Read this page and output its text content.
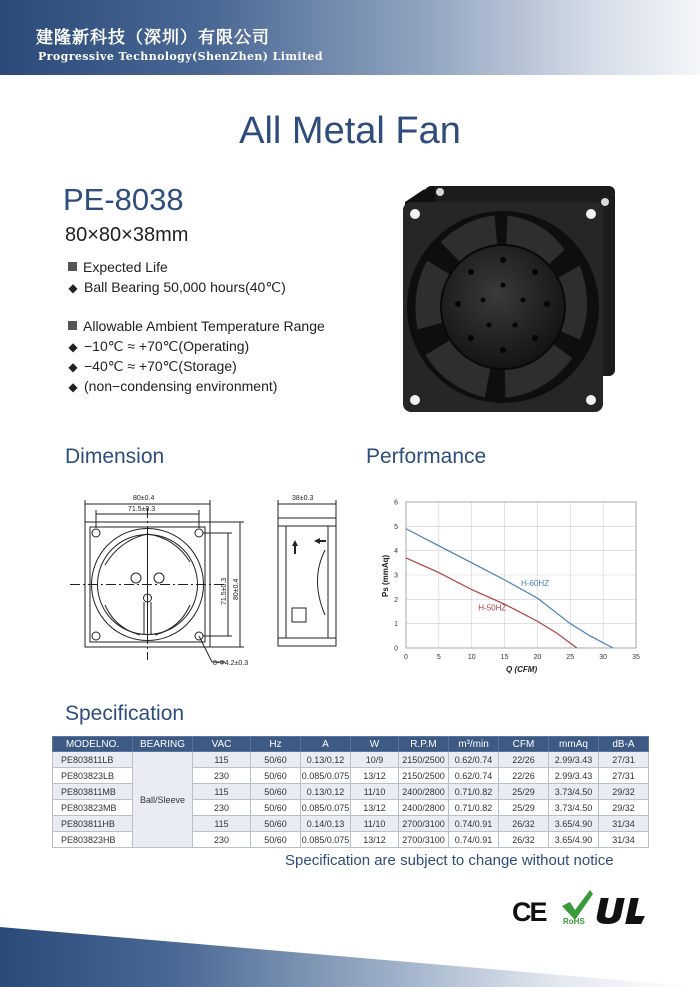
建隆新科技（深圳）有限公司
Progressive Technology(ShenZhen) Limited
All Metal Fan
PE-8038
80×80×38mm
Expected Life
◆ Ball Bearing 50,000 hours(40℃)
Allowable Ambient Temperature Range
◆ −10℃ ≈ +70℃(Operating)
◆ −40℃ ≈ +70℃(Storage)
◆ (non−condensing environment)
Dimension	Performance
80±0.4
71.5±0.3
38±0.3
71.5±0.3 80±0.4
8-Φ4.2±0.3
0	5	10	15	20	25	30	35
0
1
2
3
4
5
6
H-60HZ
H-50HZ
Q (CFM)
Ps (mmAq)
Specification
MODELNO.	BEARING	VAC	Hz	A	W	R.P.M	m³/min	CFM	mmAq	dB-A
PE803811LB	Ball/Sleeve	115	50/60	0.13/0.12	10/9	2150/2500	0.62/0.74	22/26	2.99/3.43	27/31
PE803823LB		230	50/60	0.085/0.075	13/12	2150/2500	0.62/0.74	22/26	2.99/3.43	27/31
PE803811MB		115	50/60	0.13/0.12	11/10	2400/2800	0.71/0.82	25/29	3.73/4.50	29/32
PE803823MB		230	50/60	0.085/0.075	13/12	2400/2800	0.71/0.82	25/29	3.73/4.50	29/32
PE803811HB		115	50/60	0.14/0.13	11/10	2700/3100	0.74/0.91	26/32	3.65/4.90	31/34
PE803823HB		230	50/60	0.085/0.075	13/12	2700/3100	0.74/0.91	26/32	3.65/4.90	31/34
Specification are subject to change without notice
CE RoHS
UL
